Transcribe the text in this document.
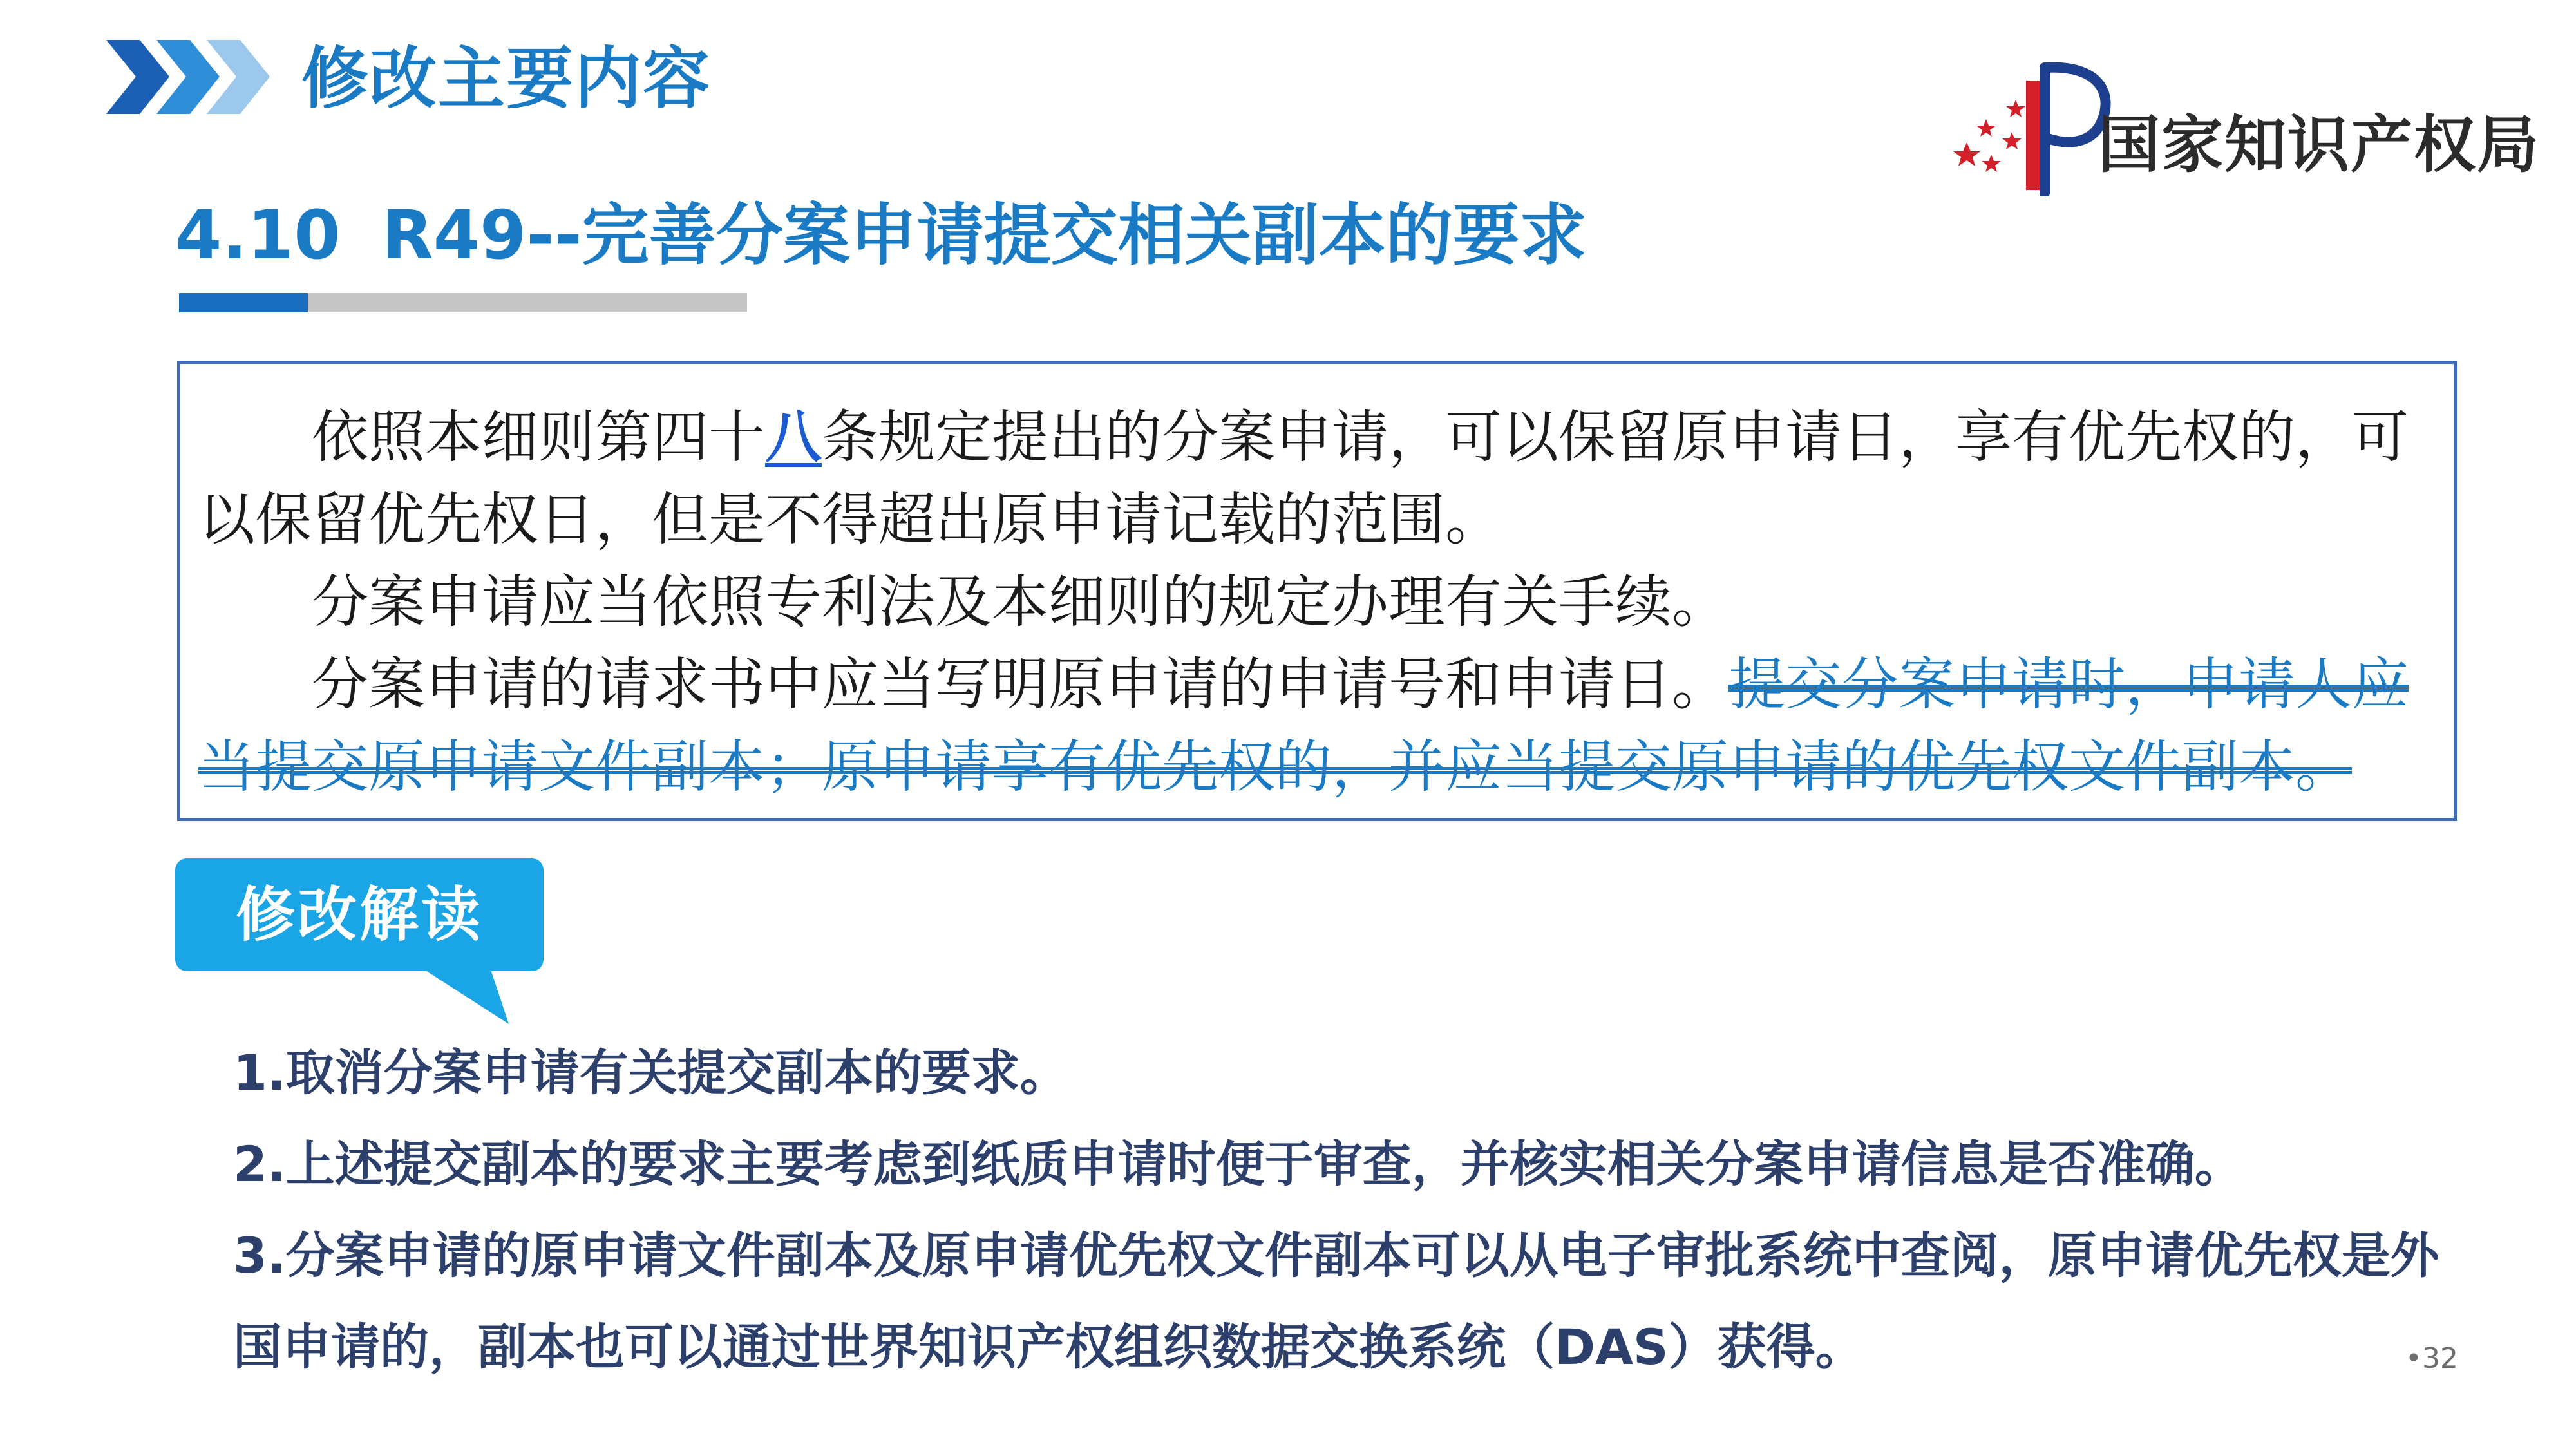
修改主要内容
国家知识产权局
4.10 R49--完善分案申请提交相关副本的要求

依照本细则第四十八条规定提出的分案申请，可以保留原申请日，享有优先权的，可以保留优先权日，但是不得超出原申请记载的范围。

分案申请应当依照专利法及本细则的规定办理有关手续。

分案申请的请求书中应当写明原申请的申请号和申请日。提交分案申请时，申请人应当提交原申请文件副本；原申请享有优先权的，并应当提交原申请的优先权文件副本。

修改解读

1.取消分案申请有关提交副本的要求。

2.上述提交副本的要求主要考虑到纸质申请时便于审查，并核实相关分案申请信息是否准确。

3.分案申请的原申请文件副本及原申请优先权文件副本可以从电子审批系统中查阅，原申请优先权是外国申请的，副本也可以通过世界知识产权组织数据交换系统（DAS）获得。	•32
